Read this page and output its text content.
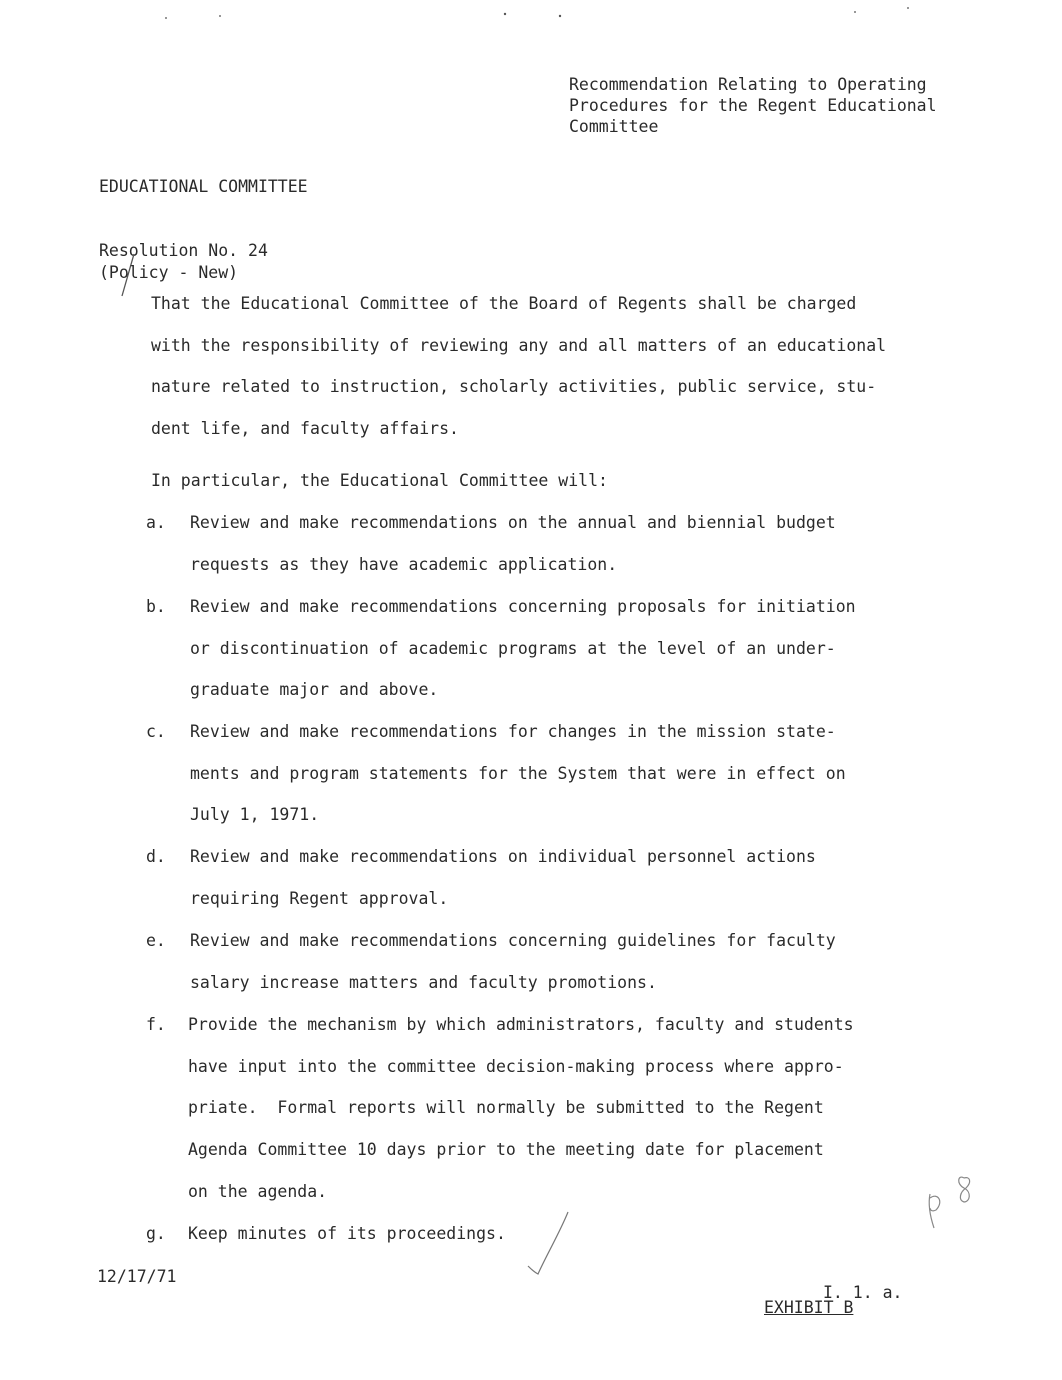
Recommendation Relating to Operating
Procedures for the Regent Educational
Committee

EDUCATIONAL COMMITTEE

Resolution No. 24

(Policy - New)

That the Educational Committee of the Board of Regents shall be charged
with the responsibility of reviewing any and all matters of an educational
nature related to instruction, scholarly activities, public service, stu-
dent life, and faculty affairs.

In particular, the Educational Committee will:

a. Review and make recommendations on the annual and biennial budget
requests as they have academic application.
b. Review and make recommendations concerning proposals for initiation
or discontinuation of academic programs at the level of an under-
graduate major and above.
c. Review and make recommendations for changes in the mission state-
ments and program statements for the System that were in effect on
July 1, 1971.
d. Review and make recommendations on individual personnel actions
requiring Regent approval.
e. Review and make recommendations concerning guidelines for faculty
salary increase matters and faculty promotions.
f. Provide the mechanism by which administrators, faculty and students
have input into the committee decision-making process where appro-
priate.  Formal reports will normally be submitted to the Regent
Agenda Committee 10 days prior to the meeting date for placement
on the agenda.
g. Keep minutes of its proceedings.

12/17/71

I. 1. a.

EXHIBIT B
